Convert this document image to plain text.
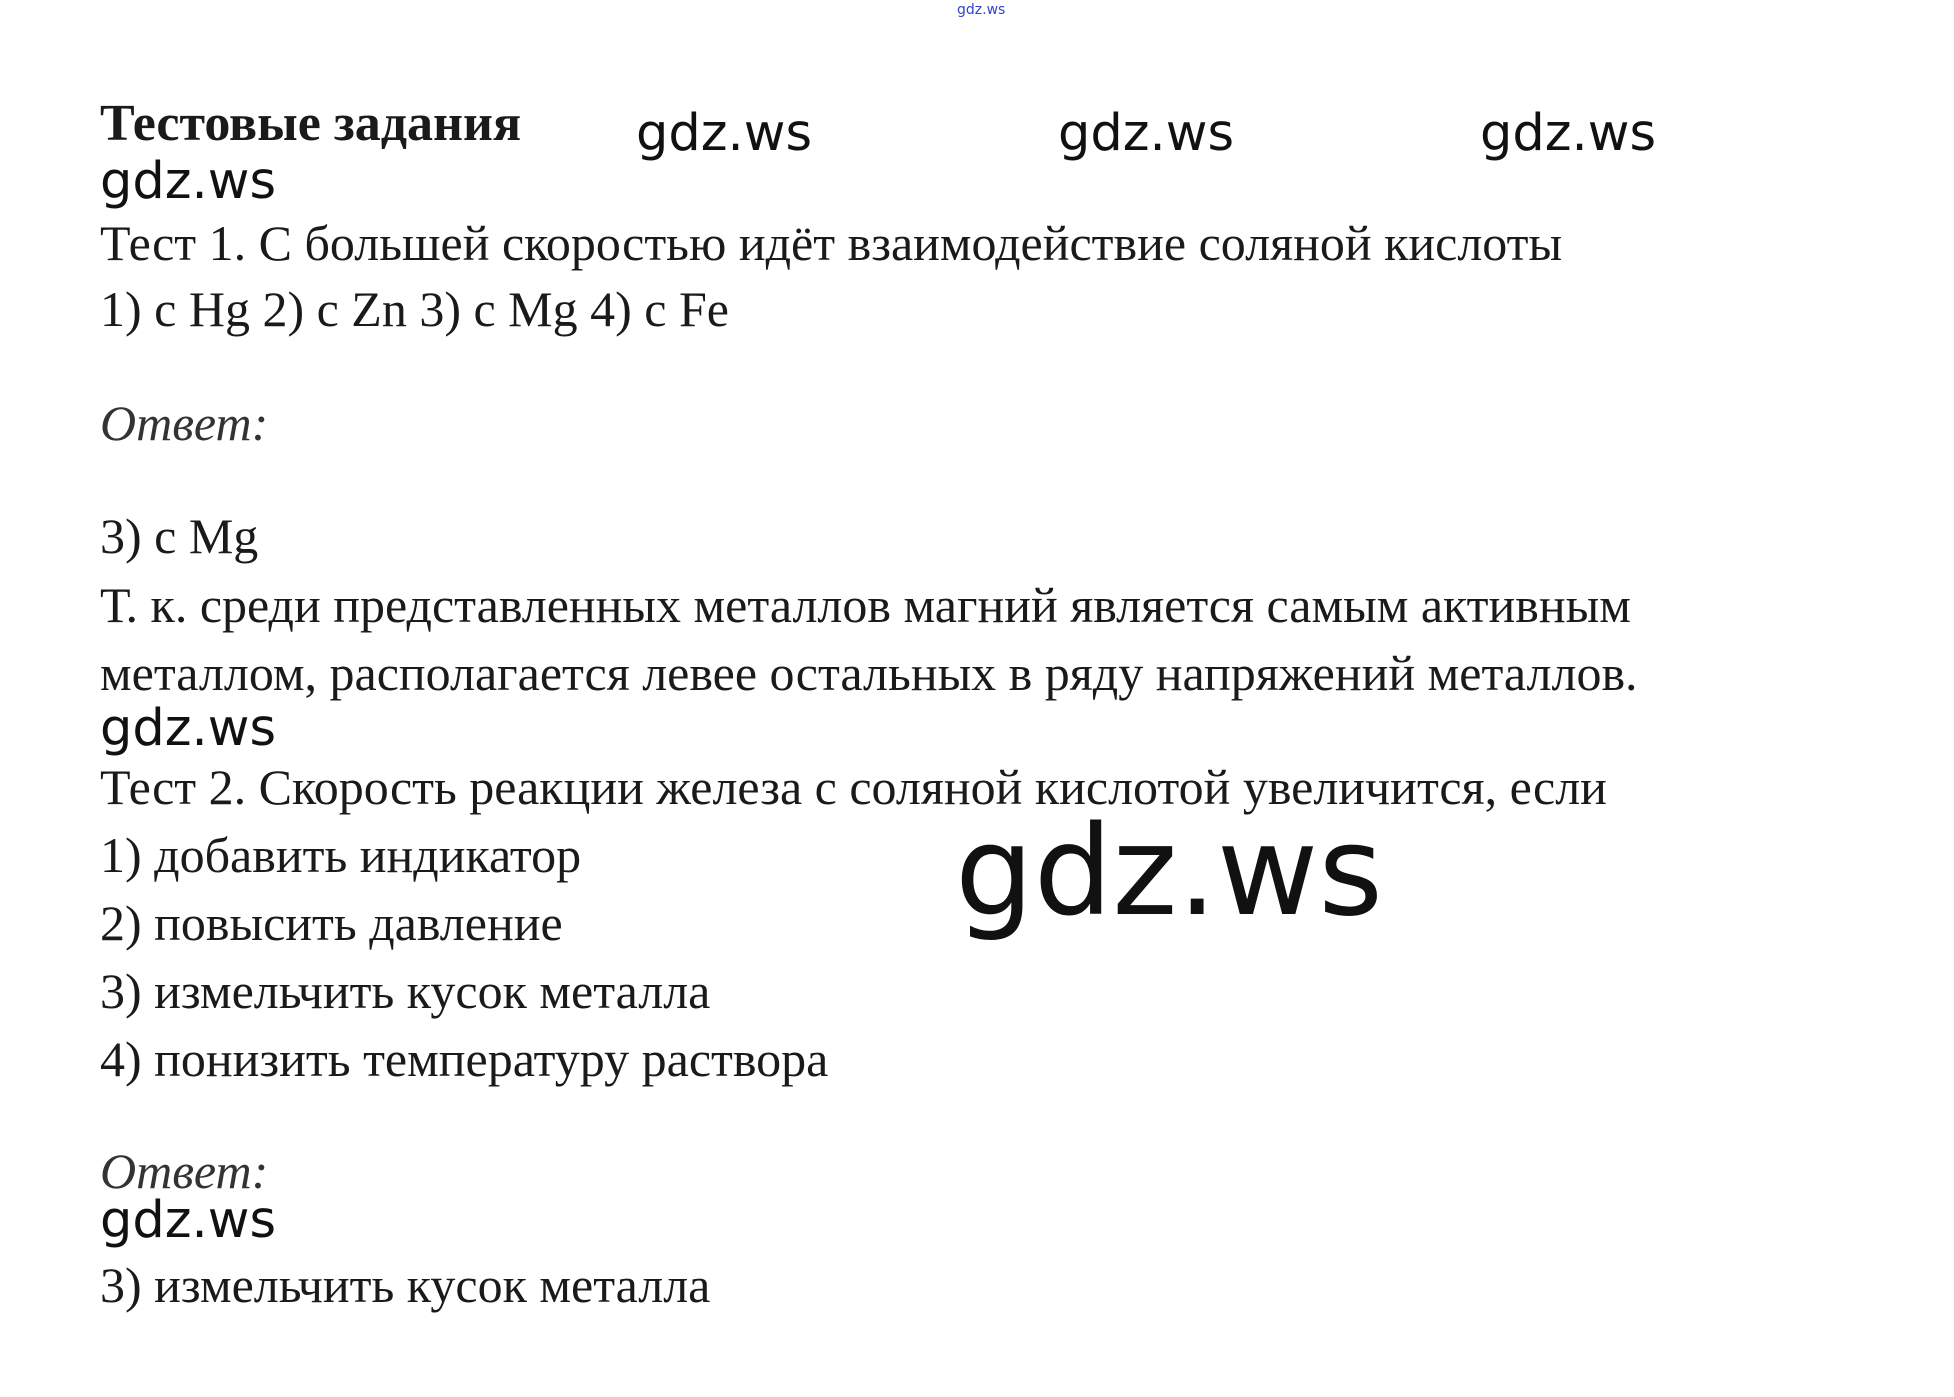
gdz.ws
Тестовые задания gdz.ws	gdz.ws	gdz.ws
gdz.ws
Тест 1. С большей скоростью идёт взаимодействие соляной кислоты
1) с Hg 2) с Zn 3) с Mg 4) с Fe
Ответ:
3) с Mg
Т. к. среди представленных металлов магний является самым активным
металлом, располагается левее остальных в ряду напряжений металлов.
gdz.ws
Тест 2. Скорость реакции железа с соляной кислотой увеличится, если
1) добавить индикатор
2) повысить давление
3) измельчить кусок металла
4) понизить температуру раствора
gdz.ws
Ответ:
gdz.ws
3) измельчить кусок металла
